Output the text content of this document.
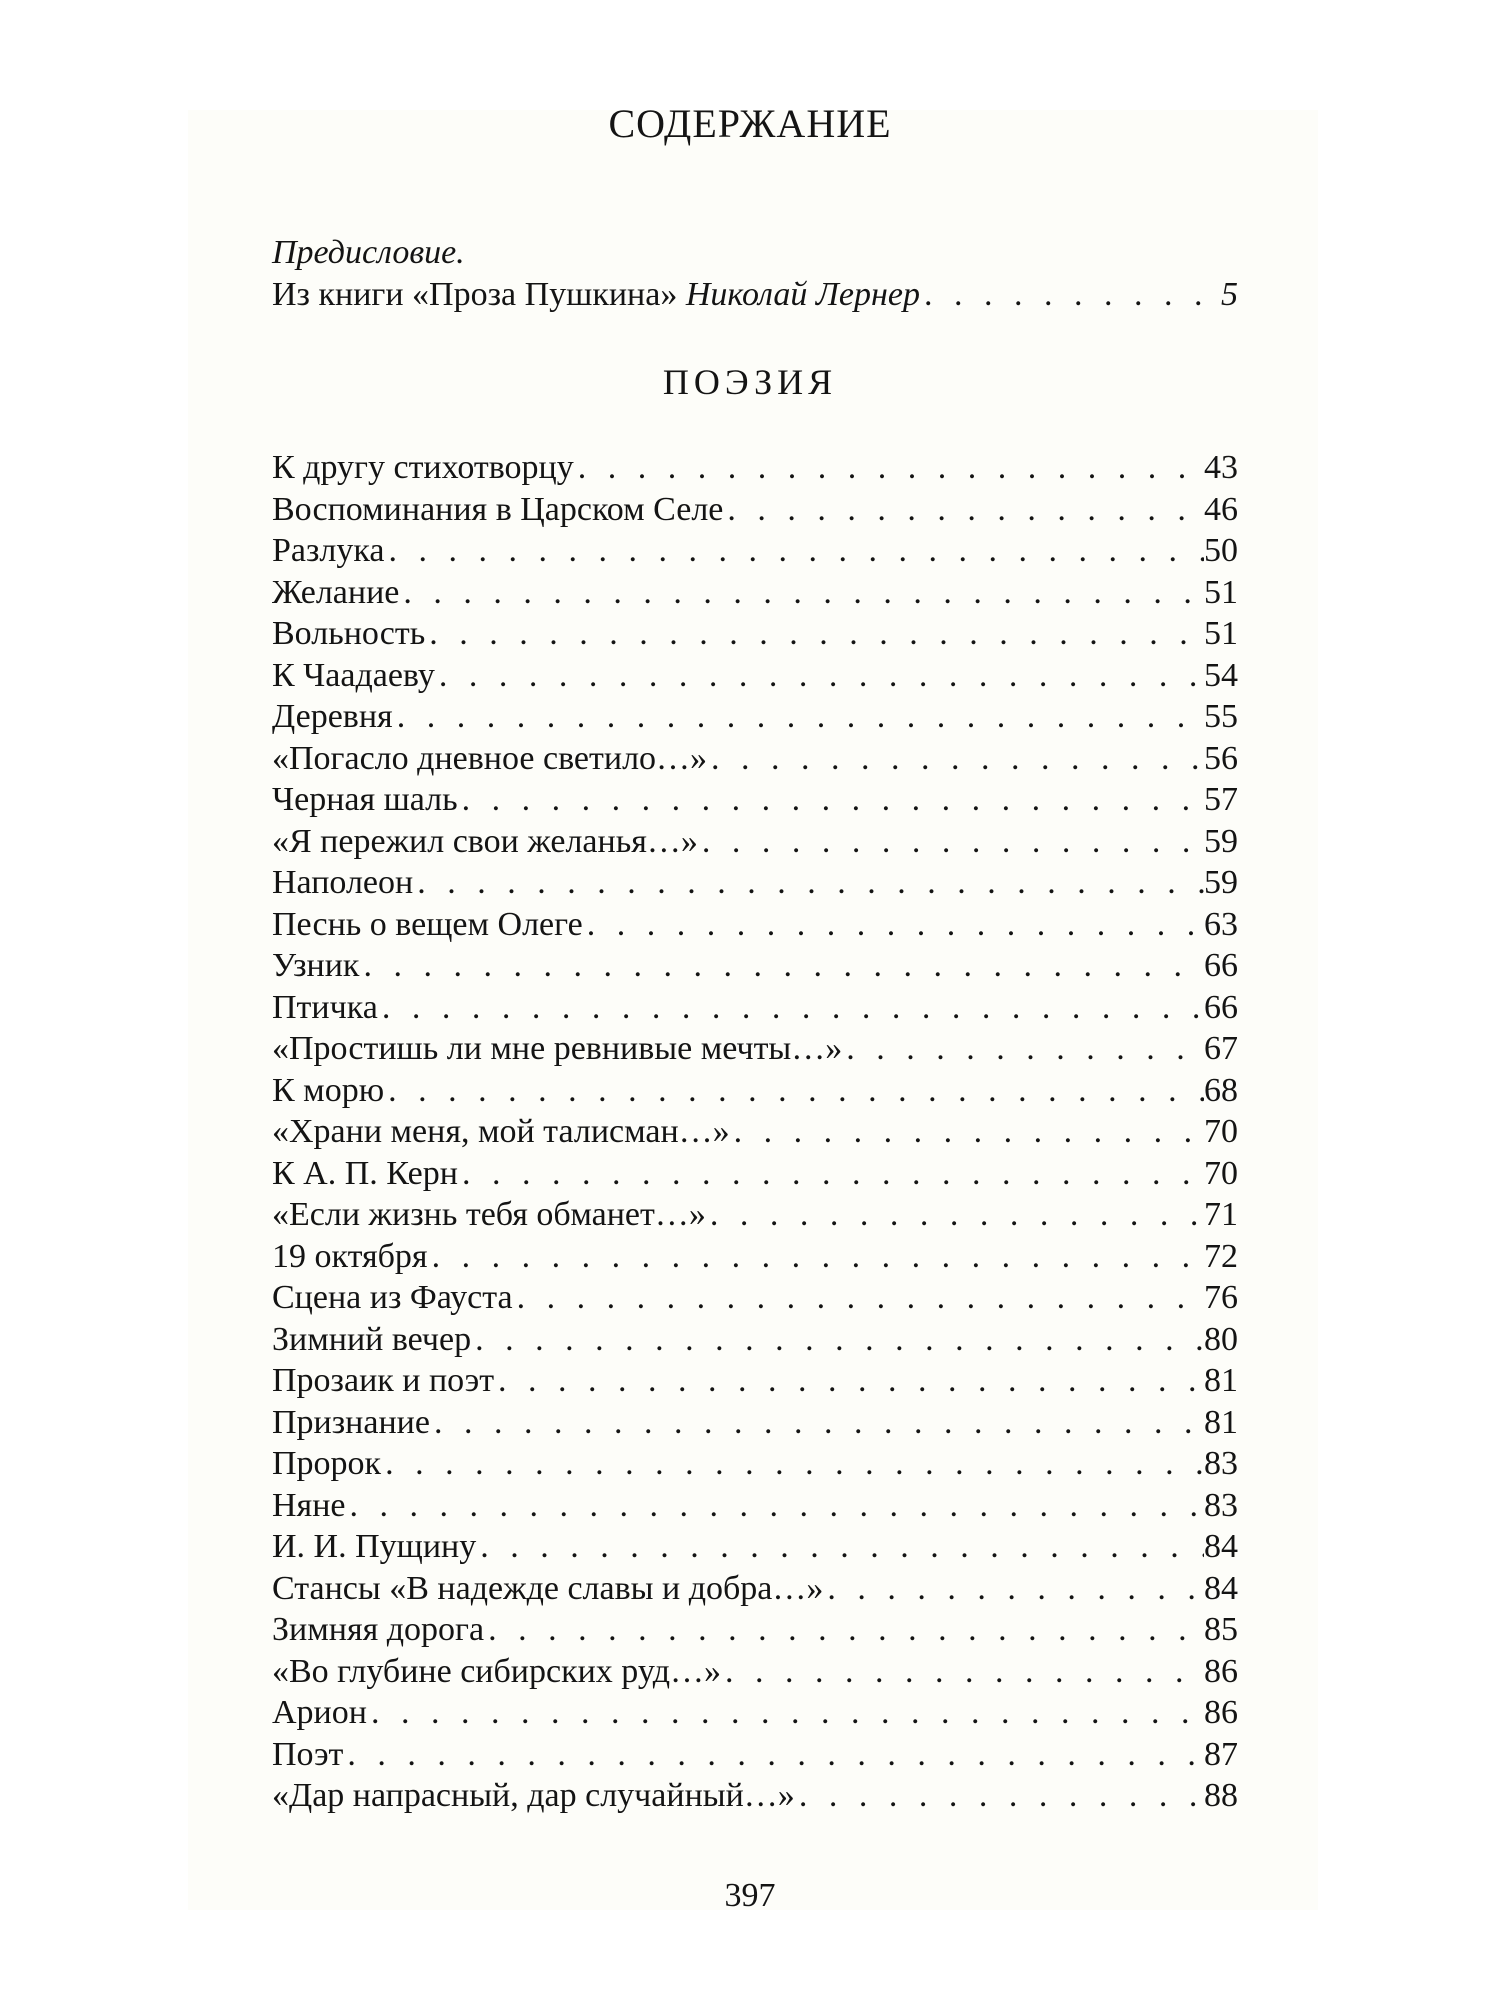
СОДЕРЖАНИЕ
Предисловие.
Из книги «Проза Пушкина» Николай Лернер . . .	5
ПОЭЗИЯ
К другу стихотворцу . . .	43
Воспоминания в Царском Селе . . .	46
Разлука . . .	50
Желание . . .	51
Вольность . . .	51
К Чаадаеву . . .	54
Деревня . . .	55
«Погасло дневное светило…» . . .	56
Черная шаль . . .	57
«Я пережил свои желанья…» . . .	59
Наполеон . . .	59
Песнь о вещем Олеге . . .	63
Узник . . .	66
Птичка . . .	66
«Простишь ли мне ревнивые мечты…» . . .	67
К морю . . .	68
«Храни меня, мой талисман…» . . .	70
К А. П. Керн . . .	70
«Если жизнь тебя обманет…» . . .	71
19 октября . . .	72
Сцена из Фауста . . .	76
Зимний вечер . . .	80
Прозаик и поэт . . .	81
Признание . . .	81
Пророк . . .	83
Няне . . .	83
И. И. Пущину . . .	84
Стансы «В надежде славы и добра…» . . .	84
Зимняя дорога . . .	85
«Во глубине сибирских руд…» . . .	86
Арион . . .	86
Поэт . . .	87
«Дар напрасный, дар случайный…» . . .	88
397
